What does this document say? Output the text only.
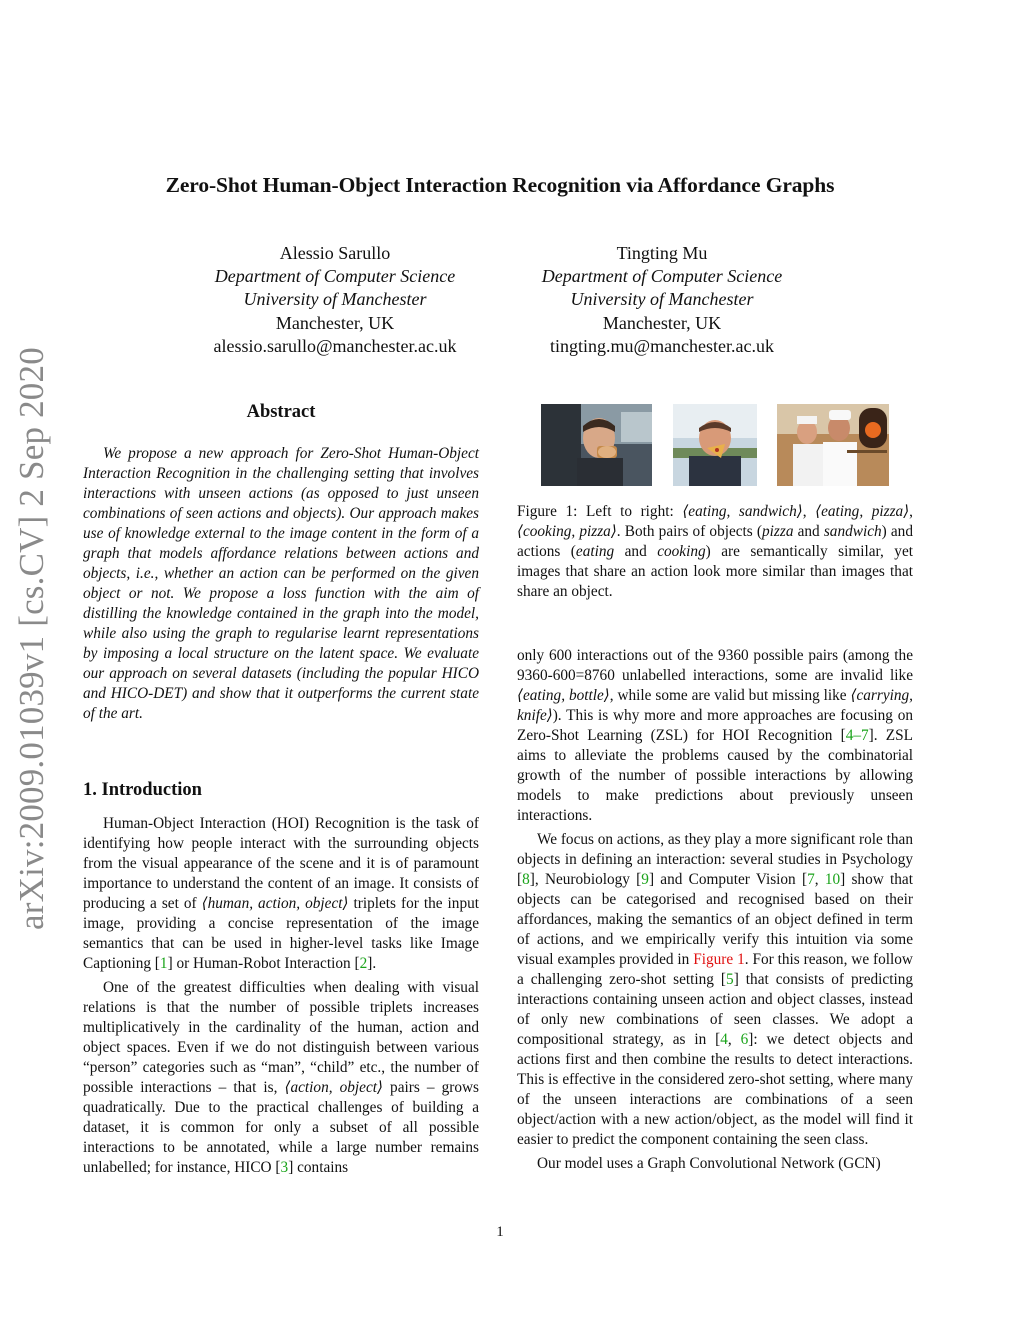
Zero-Shot Human-Object Interaction Recognition via Affordance Graphs
Alessio Sarullo
Department of Computer Science
University of Manchester
Manchester, UK
alessio.sarullo@manchester.ac.uk
Tingting Mu
Department of Computer Science
University of Manchester
Manchester, UK
tingting.mu@manchester.ac.uk
arXiv:2009.01039v1 [cs.CV] 2 Sep 2020	Abstract
We propose a new approach for Zero-Shot Human-Object Interaction Recognition in the challenging setting that involves interactions with unseen actions (as opposed to just unseen combinations of seen actions and objects). Our approach makes use of knowledge external to the image content in the form of a graph that models affordance relations between actions and objects, i.e., whether an action can be performed on the given object or not. We propose a loss function with the aim of distilling the knowledge contained in the graph into the model, while also using the graph to regularise learnt representations by imposing a local structure on the latent space. We evaluate our approach on several datasets (including the popular HICO and HICO-DET) and show that it outperforms the current state of the art.
Figure 1: Left to right: ⟨eating, sandwich⟩, ⟨eating, pizza⟩, ⟨cooking, pizza⟩. Both pairs of objects (pizza and sandwich) and actions (eating and cooking) are semantically similar, yet images that share an action look more similar than images that share an object.
1. Introduction

Human-Object Interaction (HOI) Recognition is the task of identifying how people interact with the surrounding objects from the visual appearance of the scene and it is of paramount importance to understand the content of an image. It consists of producing a set of ⟨human, action, object⟩ triplets for the input image, providing a concise representation of the image semantics that can be used in higher-level tasks like Image Captioning [1] or Human-Robot Interaction [2].

One of the greatest difficulties when dealing with visual relations is that the number of possible triplets increases multiplicatively in the cardinality of the human, action and object spaces. Even if we do not distinguish between various “person” categories such as “man”, “child” etc., the number of possible interactions – that is, ⟨action, object⟩ pairs – grows quadratically. Due to the practical challenges of building a dataset, it is common for only a subset of all possible interactions to be annotated, while a large number remains unlabelled; for instance, HICO [3] contains

only 600 interactions out of the 9360 possible pairs (among the 9360-600=8760 unlabelled interactions, some are invalid like ⟨eating, bottle⟩, while some are valid but missing like ⟨carrying, knife⟩). This is why more and more approaches are focusing on Zero-Shot Learning (ZSL) for HOI Recognition [4–7]. ZSL aims to alleviate the problems caused by the combinatorial growth of the number of possible interactions by allowing models to make predictions about previously unseen interactions.

We focus on actions, as they play a more significant role than objects in defining an interaction: several studies in Psychology [8], Neurobiology [9] and Computer Vision [7, 10] show that objects can be categorised and recognised based on their affordances, making the semantics of an object defined in term of actions, and we empirically verify this intuition via some visual examples provided in Figure 1. For this reason, we follow a challenging zero-shot setting [5] that consists of predicting interactions containing unseen action and object classes, instead of only new combinations of seen classes. We adopt a compositional strategy, as in [4, 6]: we detect objects and actions first and then combine the results to detect interactions. This is effective in the considered zero-shot setting, where many of the unseen interactions are combinations of a seen object/action with a new action/object, as the model will find it easier to predict the component containing the seen class.

Our model uses a Graph Convolutional Network (GCN)

1
